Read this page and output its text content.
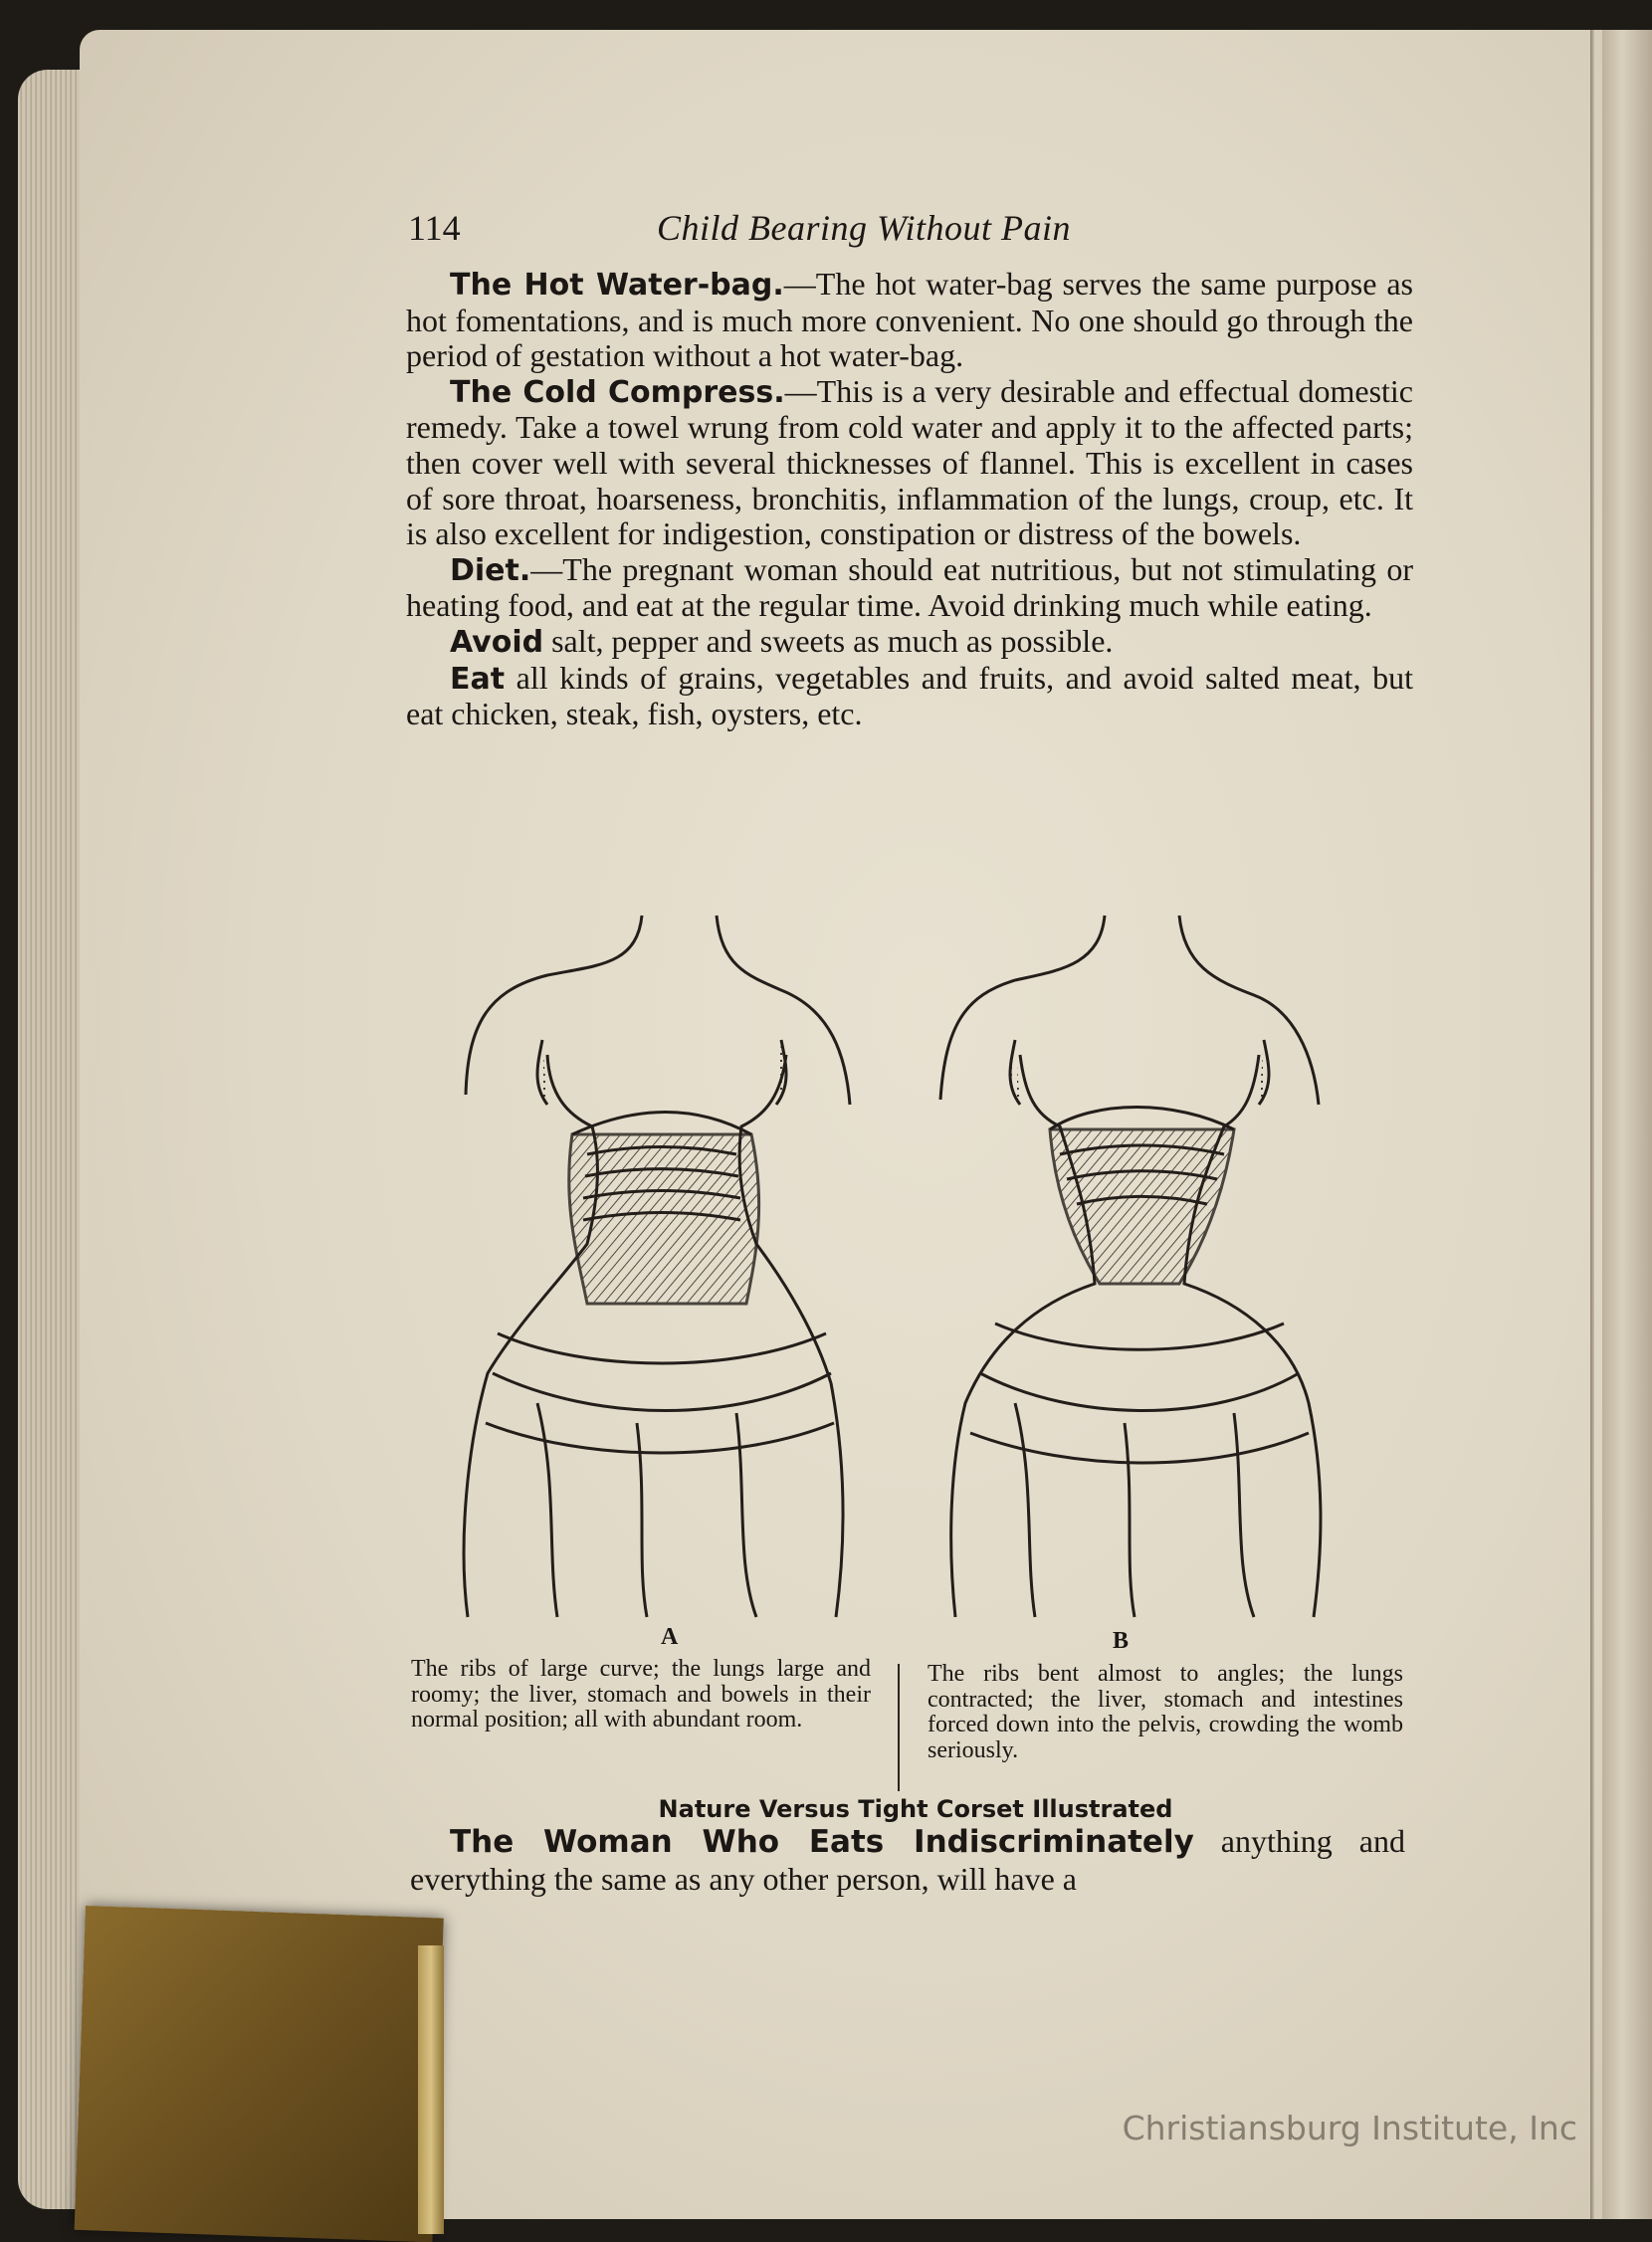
114	Child Bearing Without Pain

The Hot Water-bag.—The hot water-bag serves the same purpose as hot fomentations, and is much more convenient. No one should go through the period of gestation without a hot water-bag.

The Cold Compress.—This is a very desirable and effectual domestic remedy. Take a towel wrung from cold water and apply it to the affected parts; then cover well with several thicknesses of flannel. This is excellent in cases of sore throat, hoarseness, bronchitis, inflammation of the lungs, croup, etc. It is also excellent for indigestion, constipation or distress of the bowels.

Diet.—The pregnant woman should eat nutritious, but not stimulating or heating food, and eat at the regular time. Avoid drinking much while eating.

Avoid salt, pepper and sweets as much as possible.

Eat all kinds of grains, vegetables and fruits, and avoid salted meat, but eat chicken, steak, fish, oysters, etc.

A	B
The ribs of large curve; the lungs large and roomy; the liver, stomach and bowels in their normal position; all with abundant room.
The ribs bent almost to angles; the lungs contracted; the liver, stomach and intestines forced down into the pelvis, crowding the womb seriously.
Nature Versus Tight Corset Illustrated
The Woman Who Eats Indiscriminately anything and everything the same as any other person, will have a
Christiansburg Institute, Inc
